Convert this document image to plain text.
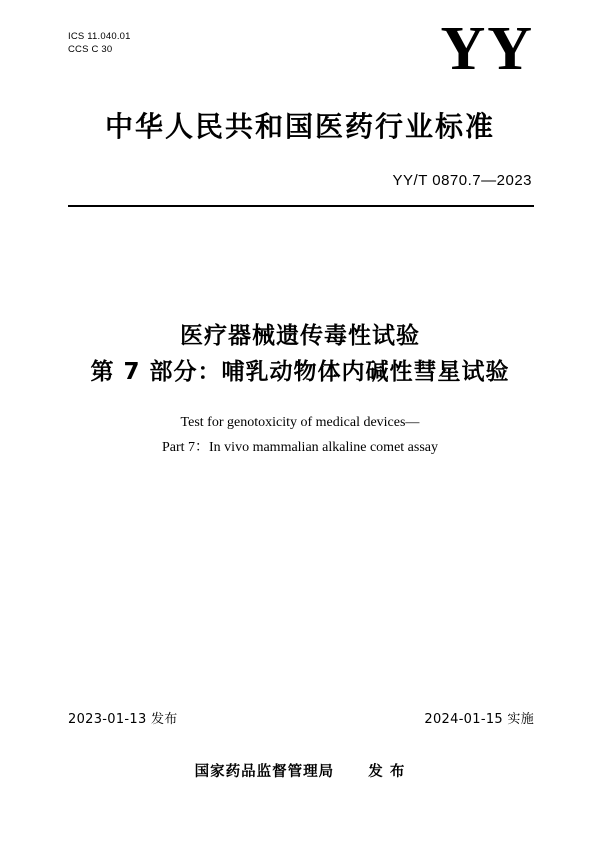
ICS 11.040.01
CCS C 30	YY
中华人民共和国医药行业标准
YY/T 0870.7—2023
医疗器械遗传毒性试验
第 7 部分：哺乳动物体内碱性彗星试验
Test for genotoxicity of medical devices—
Part 7：In vivo mammalian alkaline comet assay
2023-01-13 发布	2024-01-15 实施
国家药品监督管理局 发 布
